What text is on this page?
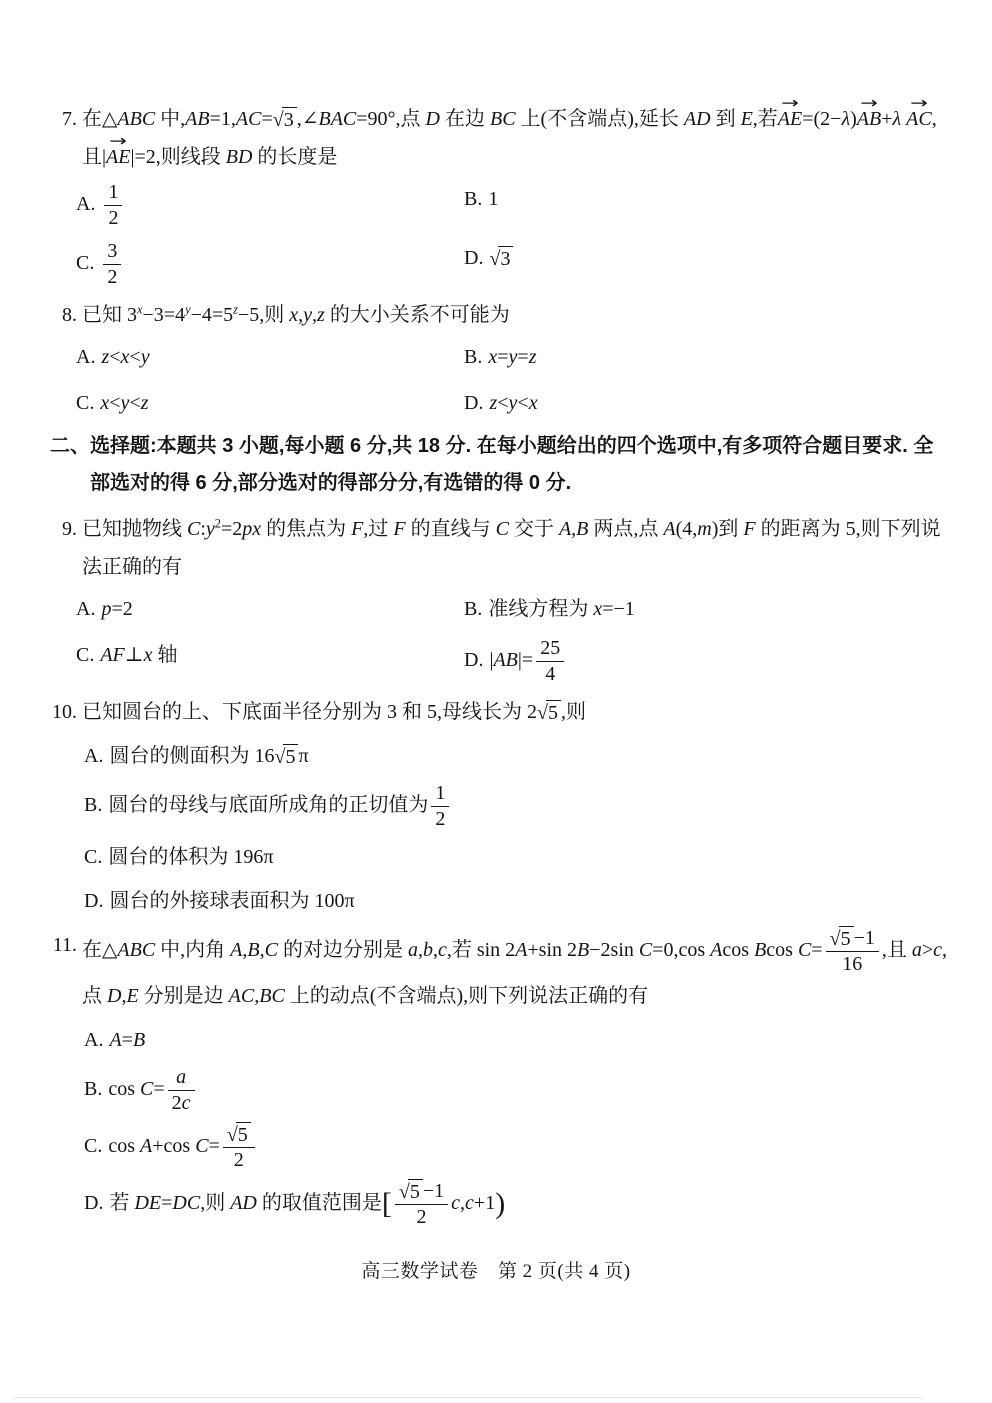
7. 在△ABC 中,AB=1,AC=√3 ,∠BAC=90°,点 D 在边 BC 上(不含端点),延长 AD 到 E,若AE →=(2−λ)AB →+λ AC →,且|AE →|=2,则线段 BD 的长度是
A. $\frac{1}{2}$	B. 1
C. $\frac{3}{2}$	D. √3
8. 已知 $3^x-3=4^y-4=5^z-5$,则 x,y,z 的大小关系不可能为
A. z<x<y	B. x=y=z
C. x<y<z	D. z<y<x
二、选择题:本题共 3 小题,每小题 6 分,共 18 分. 在每小题给出的四个选项中,有多项符合题目要求. 全部选对的得 6 分,部分选对的得部分分,有选错的得 0 分.
9. 已知抛物线 $C:y^2=2px$ 的焦点为 F,过 F 的直线与 C 交于 A,B 两点,点 A(4,m)到 F 的距离为 5,则下列说法正确的有
A. p=2	B. 准线方程为 x=−1
C. AF⊥x 轴	D. $|AB|= \frac{25}{4}$
10. 已知圆台的上、下底面半径分别为 3 和 5,母线长为 2√5 ,则
A. 圆台的侧面积为 16√5 π
B. 圆台的母线与底面所成角的正切值为 $\frac{1}{2}$
C. 圆台的体积为 196π
D. 圆台的外接球表面积为 100π
11. 在△ABC 中,内角 A,B,C 的对边分别是 a,b,c,若 sin 2A+sin 2B−2sin C=0,cos Acos Bcos $C= \frac{√5 -1}{16}$ ,且 a>c,点 D,E 分别是边 AC,BC 上的动点(不含端点),则下列说法正确的有
A. A=B
B. $\cos C= \frac{a}{2c}$
C. cos A+cos $C= \frac{√5}{2}$
D. 若 DE=DC,则 AD 的取值范围是[ $\frac{√5 -1}{2} c,c+1$)
高三数学试卷　第 2 页(共 4 页)
